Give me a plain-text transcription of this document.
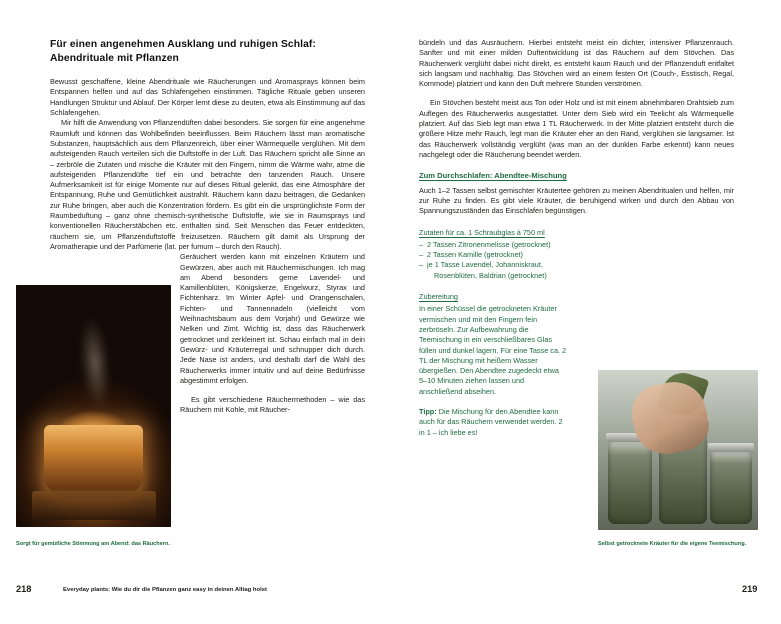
Für einen angenehmen Ausklang und ruhigen Schlaf: Abendrituale mit Pflanzen

Bewusst geschaffene, kleine Abendrituale wie Räucherungen und Aromasprays können beim Entspannen helfen und auf das Schlafengehen einstimmen. Tägliche Rituale geben unseren Handlungen Struktur und Ablauf. Der Körper lernt diese zu deuten, etwa als Einstimmung auf das Schlafengehen.

Mir hilft die Anwendung von Pflanzendüften dabei besonders. Sie sorgen für eine angenehme Raumluft und können das Wohlbefinden beeinflussen. Beim Räuchern lässt man aromatische Substanzen, hauptsächlich aus dem Pflanzenreich, über einer Wärmequelle verglühen. Mit dem aufsteigenden Rauch verteilen sich die Duftstoffe in der Luft. Das Räuchern spricht alle Sinne an – zerbröle die Zutaten und mische die Kräuter mit den Fingern, nimm die Wärme wahr, atme die aufsteigenden Pflanzendüfte tief ein und betrachte den tanzenden Rauch. Unsere Aufmerksamkeit ist für einige Momente nur auf dieses Ritual gelenkt, das eine Atmosphäre der Entspannung, Ruhe und Gemütlichkeit austrahlt. Räuchern kann dazu beitragen, die Gedanken zur Ruhe bringen, aber auch die Konzentration fördern. Es gibt ein die ursprünglichste Form der Raumbeduftung – ganz ohne chemisch-synthetische Duftstoffe, wie sie in Raumsprays und konventionellen Räucherstäbchen etc. enthalten sind. Seit Menschen das Feuer entdeckten, räuchern sie, um Pflanzenduftstoffe freizusetzen. Räuchern gilt damit als Ursprung der Aromatherapie und der Parfümerie (lat. per fumum – durch den Rauch).

Geräuchert werden kann mit einzelnen Kräutern und Gewürzen, aber auch mit Räuchermischungen. Ich mag am Abend besonders gerne Lavendel- und Kamillenblüten, Königskerze, Engelwurz, Styrax und Fichtenharz. Im Winter Apfel- und Orangenschalen, Fichten- und Tannennadeln (vielleicht vom Weihnachtsbaum aus dem Vorjahr) und Gewürze wie Nelken und Zimt. Wichtig ist, dass das Räucherwerk getrocknet und zerkleinert ist. Schau einfach mal in dein Gewürz- und Kräuterregal und schnupper dich durch. Jede Nase ist anders, und deshalb darf die Wahl des Räucherwerks immer intuitiv und auf deine Bedürfnisse abgestimmt erfolgen.

Es gibt verschiedene Räuchermethoden – wie das Räuchern mit Kohle, mit Räucher-

Sorgt für gemütliche Stimmung am Abend: das Räuchern.
218	Everyday plants: Wie du dir die Pflanzen ganz easy in deinen Alltag holst

bündeln und das Ausräuchern. Hierbei entsteht meist ein dichter, intensiver Pflanzenrauch. Sanfter und mit einer milden Duftentwicklung ist das Räuchern auf dem Stövchen. Das Räucherwerk verglüht dabei nicht direkt, es entsteht kaum Rauch und der Pflanzenduft entfaltet sich langsam und nachhaltig. Das Stövchen wird an einem festen Ort (Couch-, Esstisch, Regal, Kommode) platziert und kann den Duft mehrere Stunden verströmen.

Ein Stövchen besteht meist aus Ton oder Holz und ist mit einem abnehmbaren Drahtsieb zum Auflegen des Räucherwerks ausgestattet. Unter dem Sieb wird ein Teelicht als Wärmequelle platziert. Auf das Sieb legt man etwa 1 TL Räucherwerk. In der Mitte platziert entsteht durch die größere Hitze mehr Rauch, legt man die Kräuter eher an den Rand, verglühen sie langsamer. Ist das Räucherwerk vollständig verglüht (was man an der dunklen Farbe erkennt) kann neues nachgelegt oder die Räucherung beendet werden.

Zum Durchschlafen: Abendtee-Mischung

Auch 1–2 Tassen selbst gemischter Kräutertee gehören zu meinen Abendritualen und helfen, mir zur Ruhe zu finden. Es gibt viele Kräuter, die beruhigend wirken und durch den Abbau von Spannungszuständen das Einschlafen begünstigen.

Zutaten für ca. 1 Schraubglas à 750 ml

– 2 Tassen Zitronenmelisse (getrocknet)
– 2 Tassen Kamille (getrocknet)
– je 1 Tasse Lavendel, Johanniskraut,
Rosenblüten, Baldrian (getrocknet)

Zubereitung

In einer Schüssel die getrockneten Kräuter vermischen und mit den Fingern fein zerbröseln. Zur Aufbewahrung die Teemischung in ein verschließbares Glas füllen und dunkel lagern. Für eine Tasse ca. 2 TL der Mischung mit heißem Wasser übergießen. Den Abendtee zugedeckt etwa 5–10 Minuten ziehen lassen und anschließend abseihen.

Tipp: Die Mischung für den Abendtee kann auch für das Räuchern verwendet werden. 2 in 1 – ich liebe es!
Selbst getrocknete Kräuter für die eigene Teemischung.
219
